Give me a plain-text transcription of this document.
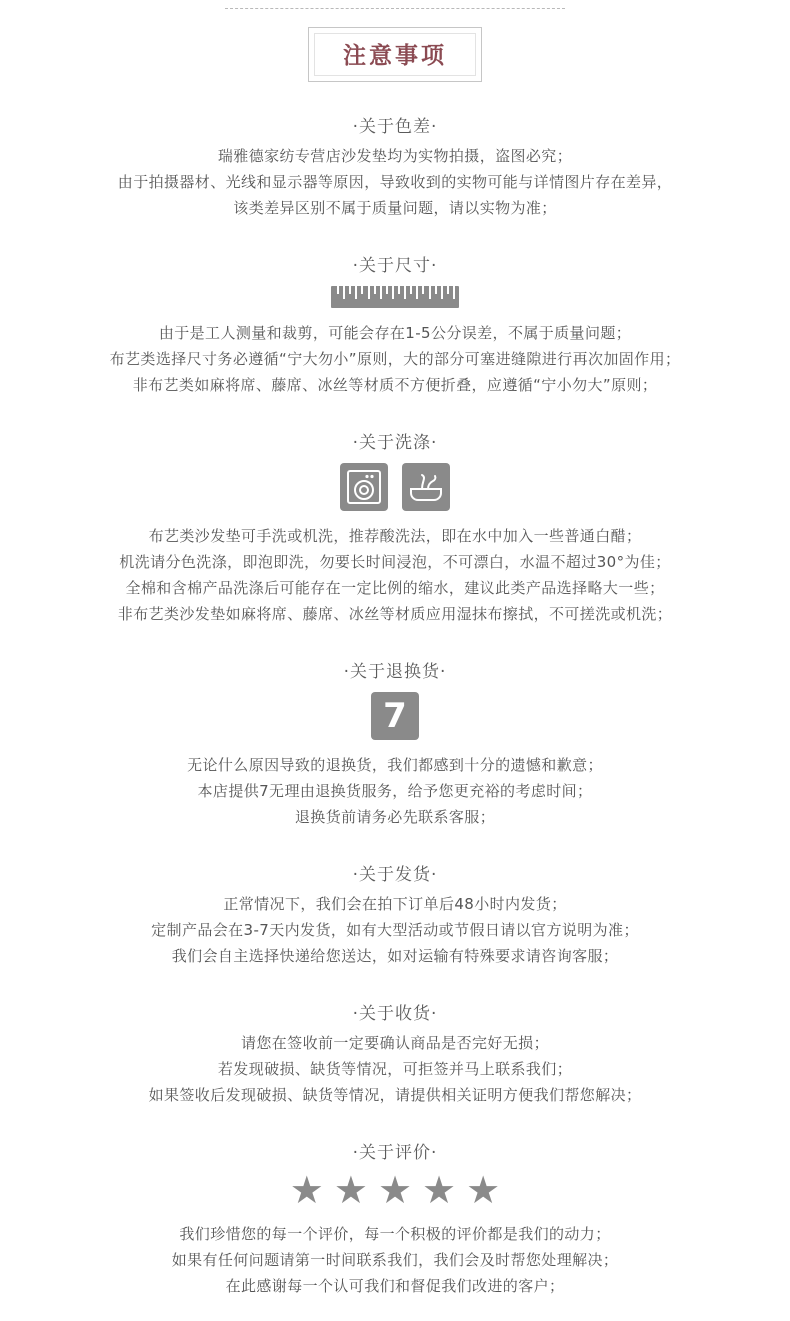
注意事项
·关于色差·
瑞雅德家纺专营店沙发垫均为实物拍摄，盗图必究；
由于拍摄器材、光线和显示器等原因，导致收到的实物可能与详情图片存在差异，
该类差异区别不属于质量问题，请以实物为准；
·关于尺寸·
由于是工人测量和裁剪，可能会存在1-5公分误差，不属于质量问题；
布艺类选择尺寸务必遵循“宁大勿小”原则，大的部分可塞进缝隙进行再次加固作用；
非布艺类如麻将席、藤席、冰丝等材质不方便折叠，应遵循“宁小勿大”原则；
·关于洗涤·
布艺类沙发垫可手洗或机洗，推荐酸洗法，即在水中加入一些普通白醋；
机洗请分色洗涤，即泡即洗，勿要长时间浸泡，不可漂白，水温不超过30°为佳；
全棉和含棉产品洗涤后可能存在一定比例的缩水，建议此类产品选择略大一些；
非布艺类沙发垫如麻将席、藤席、冰丝等材质应用湿抹布擦拭，不可搓洗或机洗；
·关于退换货·
7
无论什么原因导致的退换货，我们都感到十分的遗憾和歉意；
本店提供7无理由退换货服务，给予您更充裕的考虑时间；
退换货前请务必先联系客服；
·关于发货·
正常情况下，我们会在拍下订单后48小时内发货；
定制产品会在3-7天内发货，如有大型活动或节假日请以官方说明为准；
我们会自主选择快递给您送达，如对运输有特殊要求请咨询客服；
·关于收货·
请您在签收前一定要确认商品是否完好无损；
若发现破损、缺货等情况，可拒签并马上联系我们；
如果签收后发现破损、缺货等情况，请提供相关证明方便我们帮您解决；
·关于评价·
★ ★ ★ ★ ★
我们珍惜您的每一个评价，每一个积极的评价都是我们的动力；
如果有任何问题请第一时间联系我们，我们会及时帮您处理解决；
在此感谢每一个认可我们和督促我们改进的客户；
